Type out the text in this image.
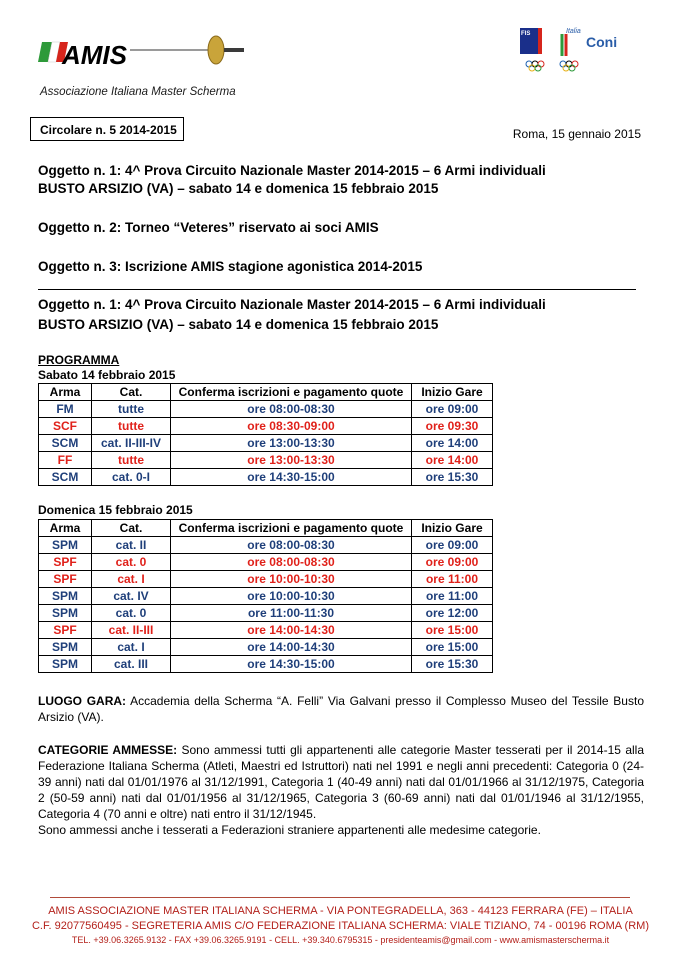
AMIS
Associazione Italiana Master Scherma
FIS	Italia
Coni
Circolare n. 5 2014-2015	Roma, 15 gennaio 2015
Oggetto n. 1: 4^ Prova Circuito Nazionale Master 2014-2015 – 6 Armi individuali
BUSTO ARSIZIO (VA) – sabato 14 e domenica 15 febbraio 2015
Oggetto n. 2: Torneo “Veteres” riservato ai soci AMIS
Oggetto n. 3: Iscrizione AMIS stagione agonistica 2014-2015
Oggetto n. 1: 4^ Prova Circuito Nazionale Master 2014-2015 – 6 Armi individuali
BUSTO ARSIZIO (VA) – sabato 14 e domenica 15 febbraio 2015
PROGRAMMA
Sabato 14 febbraio 2015
Arma	Cat.	Conferma iscrizioni e pagamento quote	Inizio Gare
FM	tutte	ore 08:00-08:30	ore 09:00
SCF	tutte	ore 08:30-09:00	ore 09:30
SCM	cat. II-III-IV	ore 13:00-13:30	ore 14:00
FF	tutte	ore 13:00-13:30	ore 14:00
SCM	cat. 0-I	ore 14:30-15:00	ore 15:30
Domenica 15 febbraio 2015
Arma	Cat.	Conferma iscrizioni e pagamento quote	Inizio Gare
SPM	cat. II	ore 08:00-08:30	ore 09:00
SPF	cat. 0	ore 08:00-08:30	ore 09:00
SPF	cat. I	ore 10:00-10:30	ore 11:00
SPM	cat. IV	ore 10:00-10:30	ore 11:00
SPM	cat. 0	ore 11:00-11:30	ore 12:00
SPF	cat. II-III	ore 14:00-14:30	ore 15:00
SPM	cat. I	ore 14:00-14:30	ore 15:00
SPM	cat. III	ore 14:30-15:00	ore 15:30
LUOGO GARA: Accademia della Scherma “A. Felli” Via Galvani presso il Complesso Museo del Tessile Busto Arsizio (VA).
CATEGORIE AMMESSE: Sono ammessi tutti gli appartenenti alle categorie Master tesserati per il 2014-15 alla Federazione Italiana Scherma (Atleti, Maestri ed Istruttori) nati nel 1991 e negli anni precedenti: Categoria 0 (24-39 anni) nati dal 01/01/1976 al 31/12/1991, Categoria 1 (40-49 anni) nati dal 01/01/1966 al 31/12/1975, Categoria 2 (50-59 anni) nati dal 01/01/1956 al 31/12/1965, Categoria 3 (60-69 anni) nati dal 01/01/1946 al 31/12/1955, Categoria 4 (70 anni e oltre) nati entro il 31/12/1945.
Sono ammessi anche i tesserati a Federazioni straniere appartenenti alle medesime categorie.
AMIS ASSOCIAZIONE MASTER ITALIANA SCHERMA - VIA PONTEGRADELLA, 363 - 44123 FERRARA (FE) – ITALIA
C.F. 92077560495 - SEGRETERIA AMIS C/O FEDERAZIONE ITALIANA SCHERMA: VIALE TIZIANO, 74 - 00196 ROMA (RM)
TEL. +39.06.3265.9132 - FAX +39.06.3265.9191 - CELL. +39.340.6795315 - presidenteamis@gmail.com - www.amismasterscherma.it
